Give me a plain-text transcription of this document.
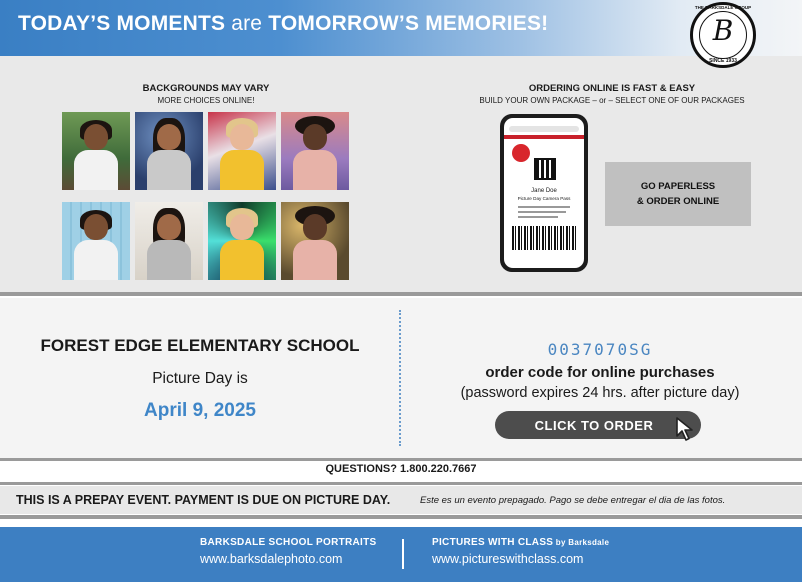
TODAY’S MOMENTS are TOMORROW’S MEMORIES!
THE BARKSDALE GROUP
B
SINCE 1933
BACKGROUNDS MAY VARY
MORE CHOICES ONLINE!
ORDERING ONLINE IS FAST & EASY
BUILD YOUR OWN PACKAGE – or – SELECT ONE OF OUR PACKAGES
Jane Doe
Picture Day Camera Pass
GO PAPERLESS
& ORDER ONLINE
FOREST EDGE ELEMENTARY SCHOOL
Picture Day is
April 9, 2025
0037070SG
order code for online purchases
(password expires 24 hrs. after picture day)
CLICK TO ORDER
QUESTIONS? 1.800.220.7667
THIS IS A PREPAY EVENT. PAYMENT IS DUE ON PICTURE DAY.	Este es un evento prepagado. Pago se debe entregar el dia de las fotos.
BARKSDALE SCHOOL PORTRAITS
www.barksdalephoto.com
PICTURES WITH CLASS by Barksdale
www.pictureswithclass.com
